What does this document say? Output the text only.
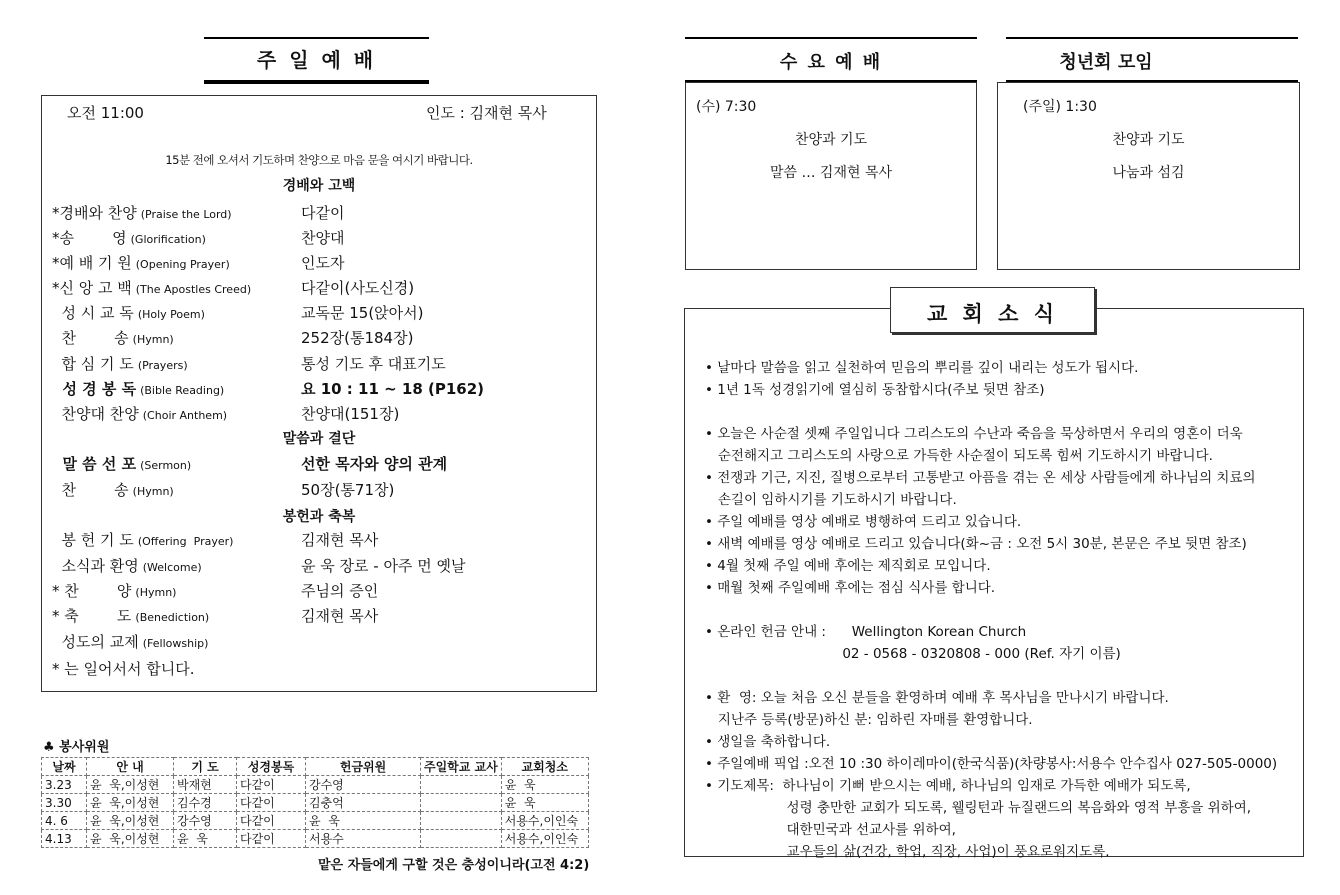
주 일 예 배
오전 11:00	인도 : 김재현 목사
15분 전에 오셔서 기도하며 찬양으로 마음 문을 여시기 바랍니다.
경배와 고백
*경배와 찬양 (Praise the Lord)	다같이
*송        영 (Glorification)	찬양대
*예 배 기 원 (Opening Prayer)	인도자
*신 앙 고 백 (The Apostles Creed)	다같이(사도신경)
성 시 교 독 (Holy Poem)	교독문 15(앉아서)
찬        송 (Hymn)	252장(통184장)
합 심 기 도 (Prayers)	통성 기도 후 대표기도
성 경 봉 독 (Bible Reading)	요 10 : 11 ~ 18 (P162)
찬양대 찬양 (Choir Anthem)	찬양대(151장)
말 씀 선 포 (Sermon)	선한 목자와 양의 관계
찬        송 (Hymn)	50장(통71장)
봉 헌 기 도 (Offering  Prayer)	김재현 목사
소식과 환영 (Welcome)	윤 욱 장로 - 아주 먼 옛날
* 찬        양 (Hymn)	주님의 증인
* 축        도 (Benediction)	김재현 목사
성도의 교제 (Fellowship)
말씀과 결단
봉헌과 축복
* 는 일어서서 합니다.
♣ 봉사위원
날짜	안 내	기 도	성경봉독	헌금위원	주일학교 교사	교회청소
3.23	윤  욱,이성현	박재현	다같이	강수영		윤  욱
3.30	윤  욱,이성현	김수경	다같이	김충억		윤  욱
4. 6	윤  욱,이성현	강수영	다같이	윤  욱		서용수,이인숙
4.13	윤  욱,이성현	윤  욱	다같이	서용수		서용수,이인숙
맡은 자들에게 구할 것은 충성이니라(고전 4:2)
수 요 예 배
(수) 7:30
찬양과 기도
말씀 … 김재현 목사
청년회 모임
(주일) 1:30
찬양과 기도
나눔과 섬김
• 날마다 말씀을 읽고 실천하여 믿음의 뿌리를 깊이 내리는 성도가 됩시다.
• 1년 1독 성경읽기에 열심히 동참합시다(주보 뒷면 참조)
• 오늘은 사순절 셋째 주일입니다 그리스도의 수난과 죽음을 묵상하면서 우리의 영혼이 더욱
순전해지고 그리스도의 사랑으로 가득한 사순절이 되도록 힘써 기도하시기 바랍니다.
• 전쟁과 기근, 지진, 질병으로부터 고통받고 아픔을 겪는 온 세상 사람들에게 하나님의 치료의
손길이 임하시기를 기도하시기 바랍니다.
• 주일 예배를 영상 예배로 병행하여 드리고 있습니다.
• 새벽 예배를 영상 예배로 드리고 있습니다(화~금 : 오전 5시 30분, 본문은 주보 뒷면 참조)
• 4월 첫째 주일 예배 후에는 제직회로 모입니다.
• 매월 첫째 주일예배 후에는 점심 식사를 합니다.
• 온라인 헌금 안내 :      Wellington Korean Church
02 - 0568 - 0320808 - 000 (Ref. 자기 이름)
• 환  영: 오늘 처음 오신 분들을 환영하며 예배 후 목사님을 만나시기 바랍니다.
지난주 등록(방문)하신 분: 임하린 자매를 환영합니다.
• 생일을 축하합니다.
• 주일예배 픽업 :오전 10 :30 하이레마이(한국식품)(차량봉사:서용수 안수집사 027-505-0000)
• 기도제목:  하나님이 기뻐 받으시는 예배, 하나님의 임재로 가득한 예배가 되도록,
성령 충만한 교회가 되도록, 웰링턴과 뉴질랜드의 복음화와 영적 부흥을 위하여,
대한민국과 선교사를 위하여,
교우들의 삶(건강, 학업, 직장, 사업)이 풍요로워지도록.
교 회 소 식
